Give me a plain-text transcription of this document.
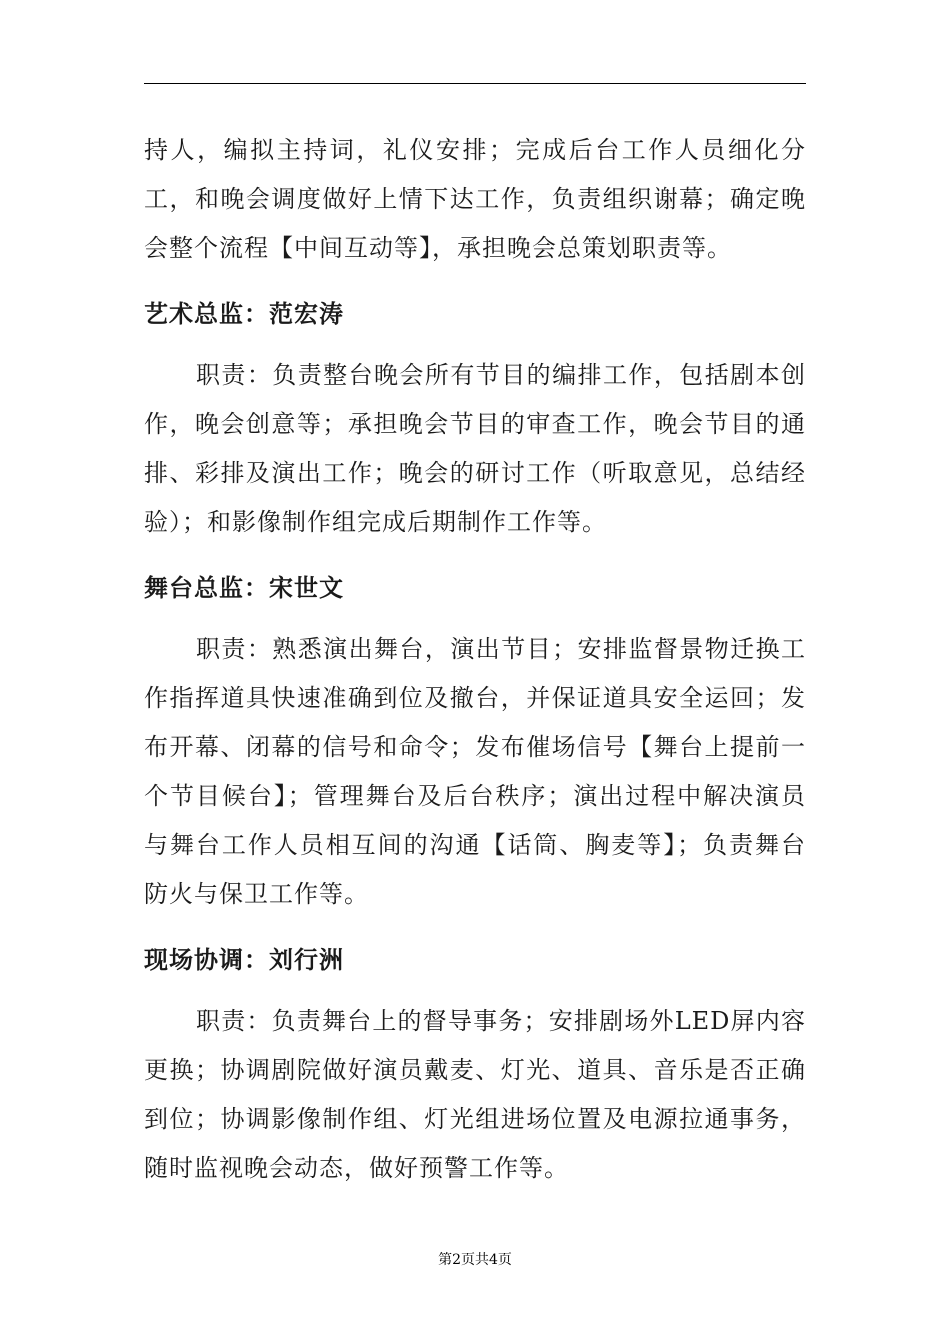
持人，编拟主持词，礼仪安排；完成后台工作人员细化分工，和晚会调度做好上情下达工作，负责组织谢幕；确定晚会整个流程【中间互动等】，承担晚会总策划职责等。

艺术总监：范宏涛

职责：负责整台晚会所有节目的编排工作，包括剧本创作，晚会创意等；承担晚会节目的审查工作，晚会节目的通排、彩排及演出工作；晚会的研讨工作（听取意见，总结经验）；和影像制作组完成后期制作工作等。

舞台总监：宋世文

职责：熟悉演出舞台，演出节目；安排监督景物迁换工作指挥道具快速准确到位及撤台，并保证道具安全运回；发布开幕、闭幕的信号和命令；发布催场信号【舞台上提前一个节目候台】；管理舞台及后台秩序；演出过程中解决演员与舞台工作人员相互间的沟通【话筒、胸麦等】；负责舞台防火与保卫工作等。

现场协调：刘行洲

职责：负责舞台上的督导事务；安排剧场外LED屏内容更换；协调剧院做好演员戴麦、灯光、道具、音乐是否正确到位；协调影像制作组、灯光组进场位置及电源拉通事务，随时监视晚会动态，做好预警工作等。

第2页共4页
